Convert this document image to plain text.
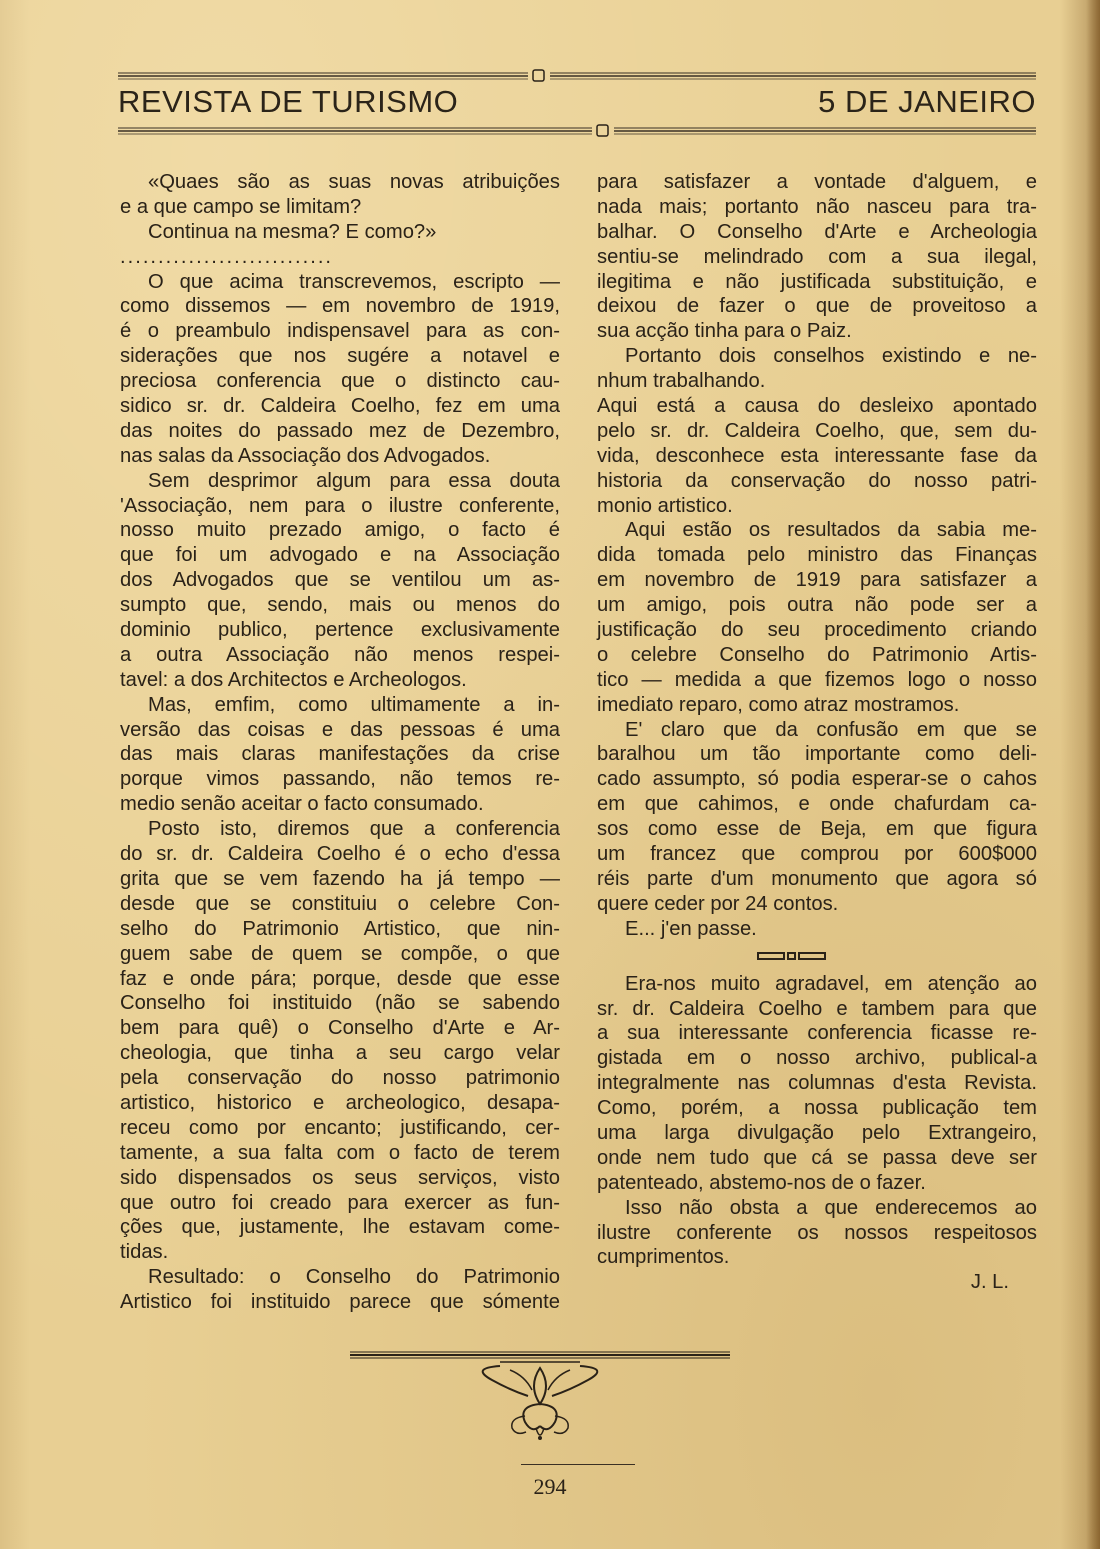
REVISTA DE TURISMO	5 DE JANEIRO
«Quaes são as suas novas atribuições
e a que campo se limitam?
Continua na mesma? E como?»
............................
O que acima transcrevemos, escripto —
como dissemos — em novembro de 1919,
é o preambulo indispensavel para as con-
siderações que nos sugére a notavel e
preciosa conferencia que o distincto cau-
sidico sr. dr. Caldeira Coelho, fez em uma
das noites do passado mez de Dezembro,
nas salas da Associação dos Advogados.
Sem desprimor algum para essa douta
'Associação, nem para o ilustre conferente,
nosso muito prezado amigo, o facto é
que foi um advogado e na Associação
dos Advogados que se ventilou um as-
sumpto que, sendo, mais ou menos do
dominio publico, pertence exclusivamente
a outra Associação não menos respei-
tavel: a dos Architectos e Archeologos.
Mas, emfim, como ultimamente a in-
versão das coisas e das pessoas é uma
das mais claras manifestações da crise
porque vimos passando, não temos re-
medio senão aceitar o facto consumado.
Posto isto, diremos que a conferencia
do sr. dr. Caldeira Coelho é o echo d'essa
grita que se vem fazendo ha já tempo —
desde que se constituiu o celebre Con-
selho do Patrimonio Artistico, que nin-
guem sabe de quem se compõe, o que
faz e onde pára; porque, desde que esse
Conselho foi instituido (não se sabendo
bem para quê) o Conselho d'Arte e Ar-
cheologia, que tinha a seu cargo velar
pela conservação do nosso patrimonio
artistico, historico e archeologico, desapa-
receu como por encanto; justificando, cer-
tamente, a sua falta com o facto de terem
sido dispensados os seus serviços, visto
que outro foi creado para exercer as fun-
ções que, justamente, lhe estavam come-
tidas.
Resultado: o Conselho do Patrimonio
Artistico foi instituido parece que sómente
para satisfazer a vontade d'alguem, e
nada mais; portanto não nasceu para tra-
balhar. O Conselho d'Arte e Archeologia
sentiu-se melindrado com a sua ilegal,
ilegitima e não justificada substituição, e
deixou de fazer o que de proveitoso a
sua acção tinha para o Paiz.
Portanto dois conselhos existindo e ne-
nhum trabalhando.
Aqui está a causa do desleixo apontado
pelo sr. dr. Caldeira Coelho, que, sem du-
vida, desconhece esta interessante fase da
historia da conservação do nosso patri-
monio artistico.
Aqui estão os resultados da sabia me-
dida tomada pelo ministro das Finanças
em novembro de 1919 para satisfazer a
um amigo, pois outra não pode ser a
justificação do seu procedimento criando
o celebre Conselho do Patrimonio Artis-
tico — medida a que fizemos logo o nosso
imediato reparo, como atraz mostramos.
E' claro que da confusão em que se
baralhou um tão importante como deli-
cado assumpto, só podia esperar-se o cahos
em que cahimos, e onde chafurdam ca-
sos como esse de Beja, em que figura
um francez que comprou por 600$000
réis parte d'um monumento que agora só
quere ceder por 24 contos.
E... j'en passe.
Era-nos muito agradavel, em atenção ao
sr. dr. Caldeira Coelho e tambem para que
a sua interessante conferencia ficasse re-
gistada em o nosso archivo, publical-a
integralmente nas columnas d'esta Revista.
Como, porém, a nossa publicação tem
uma larga divulgação pelo Extrangeiro,
onde nem tudo que cá se passa deve ser
patenteado, abstemo-nos de o fazer.
Isso não obsta a que enderecemos ao
ilustre conferente os nossos respeitosos
cumprimentos.
J. L.
294
